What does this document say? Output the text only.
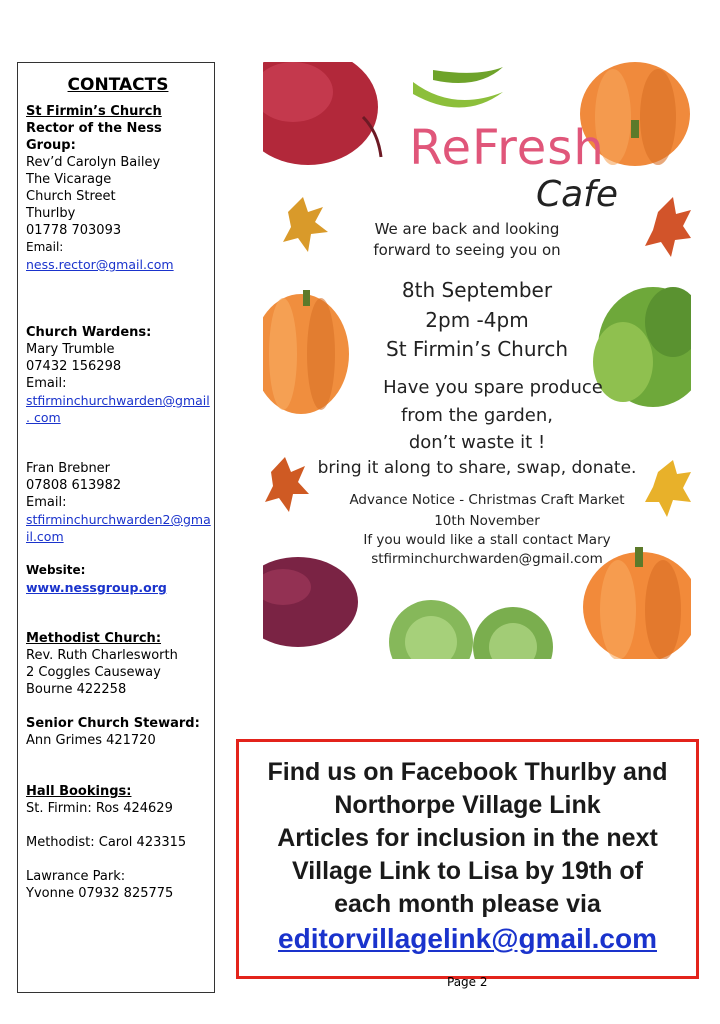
CONTACTS
St Firmin’s Church
Rector of the Ness
Group:
Rev’d Carolyn Bailey
The Vicarage
Church Street
Thurlby
01778 703093
Email:
ness.rector@gmail.com
Church Wardens:
Mary Trumble
07432 156298
Email:
stfirminchurchwarden@gmail
. com
Fran Brebner
07808 613982
Email:
stfirminchurchwarden2@gma
il.com
Website:
www.nessgroup.org
Methodist Church:
Rev. Ruth Charlesworth
2 Coggles Causeway
Bourne 422258
Senior Church Steward:
Ann Grimes 421720
Hall Bookings:
St. Firmin: Ros 424629
Methodist: Carol 423315
Lawrance Park:
Yvonne 07932 825775
ReFresh
Cafe
We are back and looking
forward to seeing you on
8th September
2pm -4pm
St Firmin’s Church
Have you spare produce
from the garden,
don’t waste it !
bring it along to share, swap, donate.
Advance Notice - Christmas Craft Market
10th November
If you would like a stall contact Mary
stfirminchurchwarden@gmail.com
Find us on Facebook Thurlby and
Northorpe Village Link
Articles for inclusion in the next
Village Link to Lisa by 19th of
each month please via
editorvillagelink@gmail.com
Page 2
